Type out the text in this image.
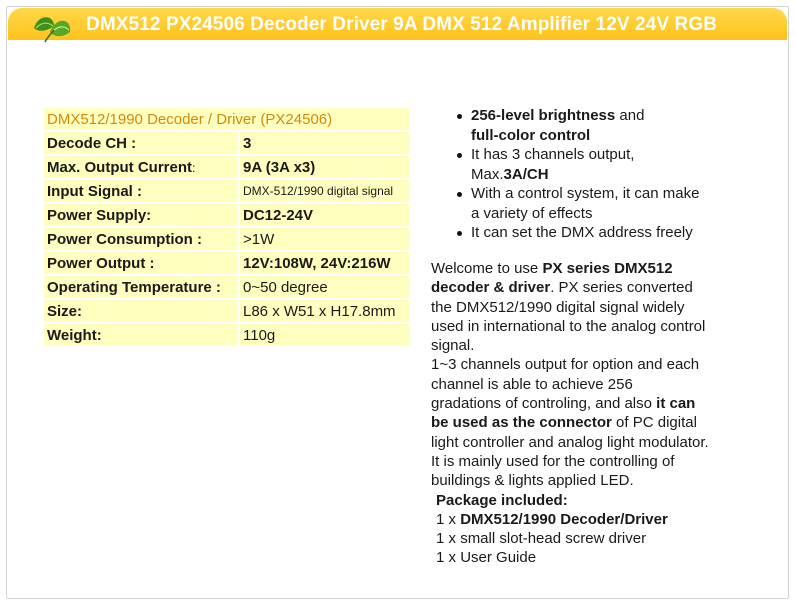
DMX512 PX24506 Decoder Driver 9A DMX 512 Amplifier 12V 24V RGB
DMX512/1990 Decoder / Driver (PX24506)	
Decode CH :	3
Max. Output Current:	9A (3A x3)
Input Signal :	DMX-512/1990 digital signal
Power Supply:	DC12-24V
Power Consumption :	>1W
Power Output :	12V:108W, 24V:216W
Operating Temperature :	0~50 degree
Size:	L86 x W51 x H17.8mm
Weight:	110g
256-level brightness and
full-color control
It has 3 channels output,
Max.3A/CH
With a control system, it can make
a variety of effects
It can set the DMX address freely
Welcome to use PX series DMX512
decoder & driver. PX series converted
the DMX512/1990 digital signal widely
used in international to the analog control
signal.
1~3 channels output for option and each
channel is able to achieve 256
gradations of controling, and also it can
be used as the connector of PC digital
light controller and analog light modulator.
It is mainly used for the controlling of
buildings & lights applied LED.
Package included:
1 x DMX512/1990 Decoder/Driver
1 x small slot-head screw driver
1 x User Guide
